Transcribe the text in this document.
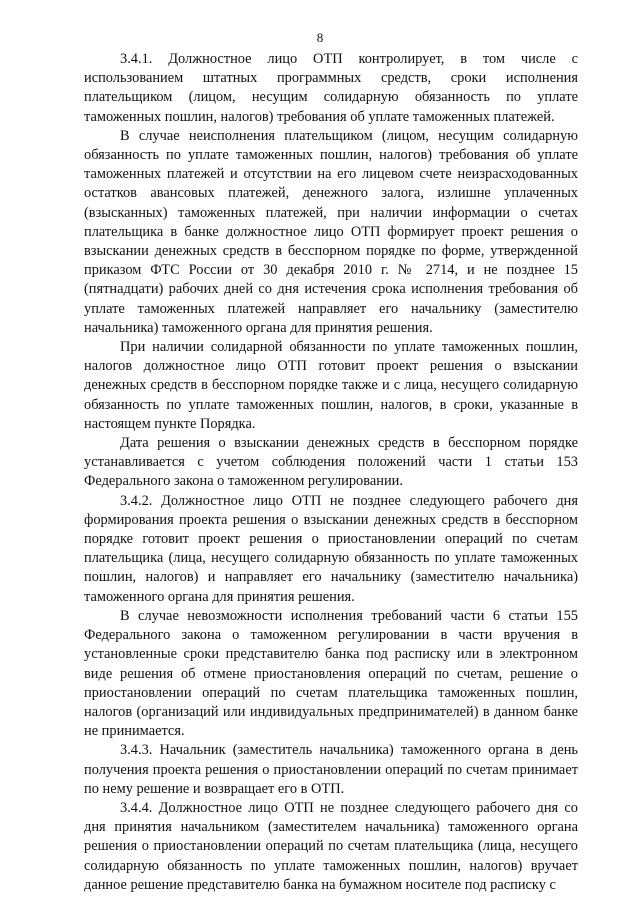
8

3.4.1. Должностное лицо ОТП контролирует, в том числе с использованием штатных программных средств, сроки исполнения плательщиком (лицом, несущим солидарную обязанность по уплате таможенных пошлин, налогов) требования об уплате таможенных платежей.

В случае неисполнения плательщиком (лицом, несущим солидарную обязанность по уплате таможенных пошлин, налогов) требования об уплате таможенных платежей и отсутствии на его лицевом счете неизрасходованных остатков авансовых платежей, денежного залога, излишне уплаченных (взысканных) таможенных платежей, при наличии информации о счетах плательщика в банке должностное лицо ОТП формирует проект решения о взыскании денежных средств в бесспорном порядке по форме, утвержденной приказом ФТС России от 30 декабря 2010 г. № 2714, и не позднее 15 (пятнадцати) рабочих дней со дня истечения срока исполнения требования об уплате таможенных платежей направляет его начальнику (заместителю начальника) таможенного органа для принятия решения.

При наличии солидарной обязанности по уплате таможенных пошлин, налогов должностное лицо ОТП готовит проект решения о взыскании денежных средств в бесспорном порядке также и с лица, несущего солидарную обязанность по уплате таможенных пошлин, налогов, в сроки, указанные в настоящем пункте Порядка.

Дата решения о взыскании денежных средств в бесспорном порядке устанавливается с учетом соблюдения положений части 1 статьи 153 Федерального закона о таможенном регулировании.

3.4.2. Должностное лицо ОТП не позднее следующего рабочего дня формирования проекта решения о взыскании денежных средств в бесспорном порядке готовит проект решения о приостановлении операций по счетам плательщика (лица, несущего солидарную обязанность по уплате таможенных пошлин, налогов) и направляет его начальнику (заместителю начальника) таможенного органа для принятия решения.

В случае невозможности исполнения требований части 6 статьи 155 Федерального закона о таможенном регулировании в части вручения в установленные сроки представителю банка под расписку или в электронном виде решения об отмене приостановления операций по счетам, решение о приостановлении операций по счетам плательщика таможенных пошлин, налогов (организаций или индивидуальных предпринимателей) в данном банке не принимается.

3.4.3. Начальник (заместитель начальника) таможенного органа в день получения проекта решения о приостановлении операций по счетам принимает по нему решение и возвращает его в ОТП.

3.4.4. Должностное лицо ОТП не позднее следующего рабочего дня со дня принятия начальником (заместителем начальника) таможенного органа решения о приостановлении операций по счетам плательщика (лица, несущего солидарную обязанность по уплате таможенных пошлин, налогов) вручает данное решение представителю банка на бумажном носителе под расписку с
